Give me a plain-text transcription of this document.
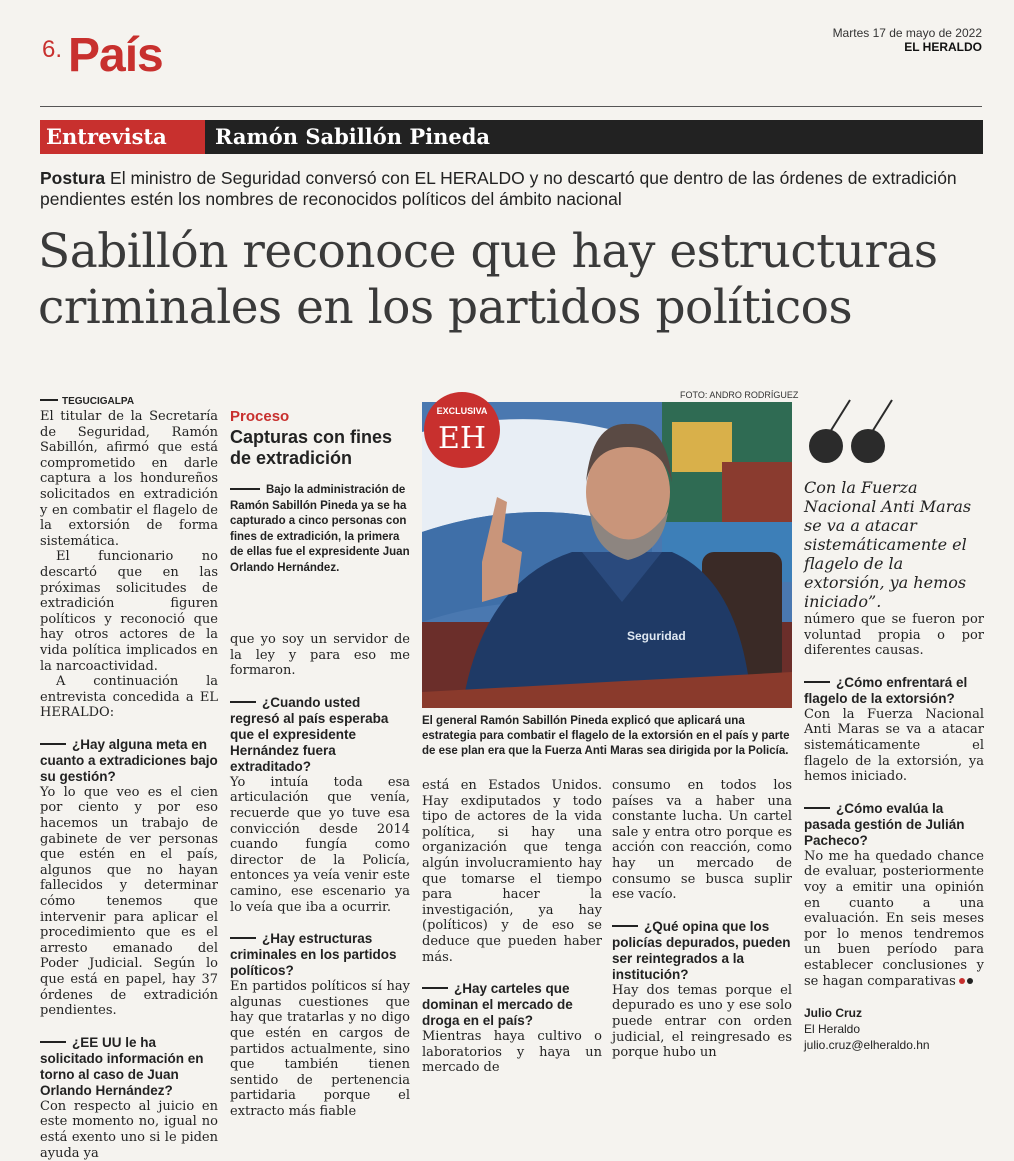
6. País	Martes 17 de mayo de 2022
EL HERALDO
Entrevista	Ramón Sabillón Pineda
Postura El ministro de Seguridad conversó con EL HERALDO y no descartó que dentro de las órdenes de extradición pendientes estén los nombres de reconocidos políticos del ámbito nacional
Sabillón reconoce que hay estructuras criminales en los partidos políticos
TEGUCIGALPA

El titular de la Secretaría de Seguridad, Ramón Sabillón, afirmó que está comprometido en darle captura a los hondureños solicitados en extradición y en combatir el flagelo de la extorsión de forma sistemática.

El funcionario no descartó que en las próximas solicitudes de extradición figuren políticos y reconoció que hay otros actores de la vida política implicados en la narcoactividad.

A continuación la entrevista concedida a EL HERALDO:

¿Hay alguna meta en cuanto a extradiciones bajo su gestión?

Yo lo que veo es el cien por ciento y por eso hacemos un trabajo de gabinete de ver personas que estén en el país, algunos que no hayan fallecidos y determinar cómo tenemos que intervenir para aplicar el procedimiento que es el arresto emanado del Poder Judicial. Según lo que está en papel, hay 37 órdenes de extradición pendientes.

¿EE UU le ha solicitado información en torno al caso de Juan Orlando Hernández?

Con respecto al juicio en este momento no, igual no está exento uno si le piden ayuda ya

Proceso
Capturas con fines de extradición
Bajo la administración de Ramón Sabillón Pineda ya se ha capturado a cinco personas con fines de extradición, la primera de ellas fue el expresidente Juan Orlando Hernández.

que yo soy un servidor de la ley y para eso me formaron.

¿Cuando usted regresó al país esperaba que el expresidente Hernández fuera extraditado?

Yo intuía toda esa articulación que venía, recuerde que yo tuve esa convicción desde 2014 cuando fungía como director de la Policía, entonces ya veía venir este camino, ese escenario ya lo veía que iba a ocurrir.

¿Hay estructuras criminales en los partidos políticos?

En partidos políticos sí hay algunas cuestiones que hay que tratarlas y no digo que estén en cargos de partidos actualmente, sino que también tienen sentido de pertenencia partidaria porque el extracto más fiable

FOTO: ANDRO RODRÍGUEZ
Seguridad
EXCLUSIVA
EH
El general Ramón Sabillón Pineda explicó que aplicará una estrategia para combatir el flagelo de la extorsión en el país y parte de ese plan era que la Fuerza Anti Maras sea dirigida por la Policía.

está en Estados Unidos. Hay exdiputados y todo tipo de actores de la vida política, si hay una organización que tenga algún involucramiento hay que tomarse el tiempo para hacer la investigación, ya hay (políticos) y de eso se deduce que pueden haber más.

¿Hay carteles que dominan el mercado de droga en el país?

Mientras haya cultivo o laboratorios y haya un mercado de

consumo en todos los países va a haber una constante lucha. Un cartel sale y entra otro porque es acción con reacción, como hay un mercado de consumo se busca suplir ese vacío.

¿Qué opina que los policías depurados, pueden ser reintegrados a la institución?

Hay dos temas porque el depurado es uno y ese solo puede entrar con orden judicial, el reingresado es porque hubo un

Con la Fuerza Nacional Anti Maras se va a atacar sistemáticamente el flagelo de la extorsión, ya hemos iniciado”.

número que se fueron por voluntad propia o por diferentes causas.

¿Cómo enfrentará el flagelo de la extorsión?

Con la Fuerza Nacional Anti Maras se va a atacar sistemáticamente el flagelo de la extorsión, ya hemos iniciado.

¿Cómo evalúa la pasada gestión de Julián Pacheco?

No me ha quedado chance de evaluar, posteriormente voy a emitir una opinión en cuanto a una evaluación. En seis meses por lo menos tendremos un buen período para establecer conclusiones y se hagan comparativas

Julio Cruz
El Heraldo
julio.cruz@elheraldo.hn
